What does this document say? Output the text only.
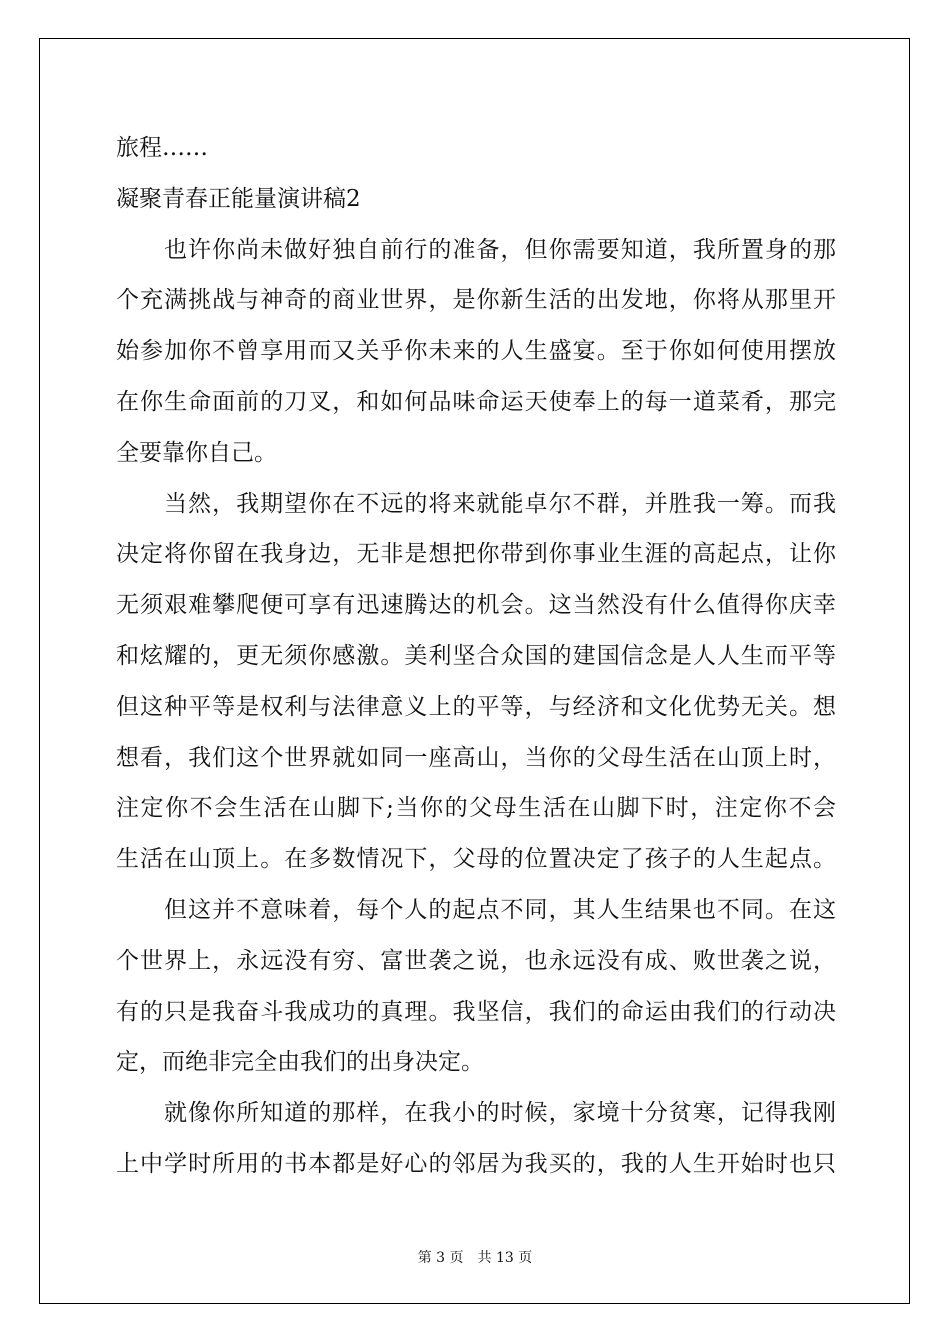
旅程……

凝聚青春正能量演讲稿2

也许你尚未做好独自前行的准备，但你需要知道，我所置身的那

个充满挑战与神奇的商业世界，是你新生活的出发地，你将从那里开

始参加你不曾享用而又关乎你未来的人生盛宴。至于你如何使用摆放

在你生命面前的刀叉，和如何品味命运天使奉上的每一道菜肴，那完

全要靠你自己。

当然，我期望你在不远的将来就能卓尔不群，并胜我一筹。而我

决定将你留在我身边，无非是想把你带到你事业生涯的高起点，让你

无须艰难攀爬便可享有迅速腾达的机会。这当然没有什么值得你庆幸

和炫耀的，更无须你感激。美利坚合众国的建国信念是人人生而平等

但这种平等是权利与法律意义上的平等，与经济和文化优势无关。想

想看，我们这个世界就如同一座高山，当你的父母生活在山顶上时，

注定你不会生活在山脚下;当你的父母生活在山脚下时，注定你不会

生活在山顶上。在多数情况下，父母的位置决定了孩子的人生起点。

但这并不意味着，每个人的起点不同，其人生结果也不同。在这

个世界上，永远没有穷、富世袭之说，也永远没有成、败世袭之说，

有的只是我奋斗我成功的真理。我坚信，我们的命运由我们的行动决

定，而绝非完全由我们的出身决定。

就像你所知道的那样，在我小的时候，家境十分贫寒，记得我刚

上中学时所用的书本都是好心的邻居为我买的，我的人生开始时也只

第 3 页　共 13 页
